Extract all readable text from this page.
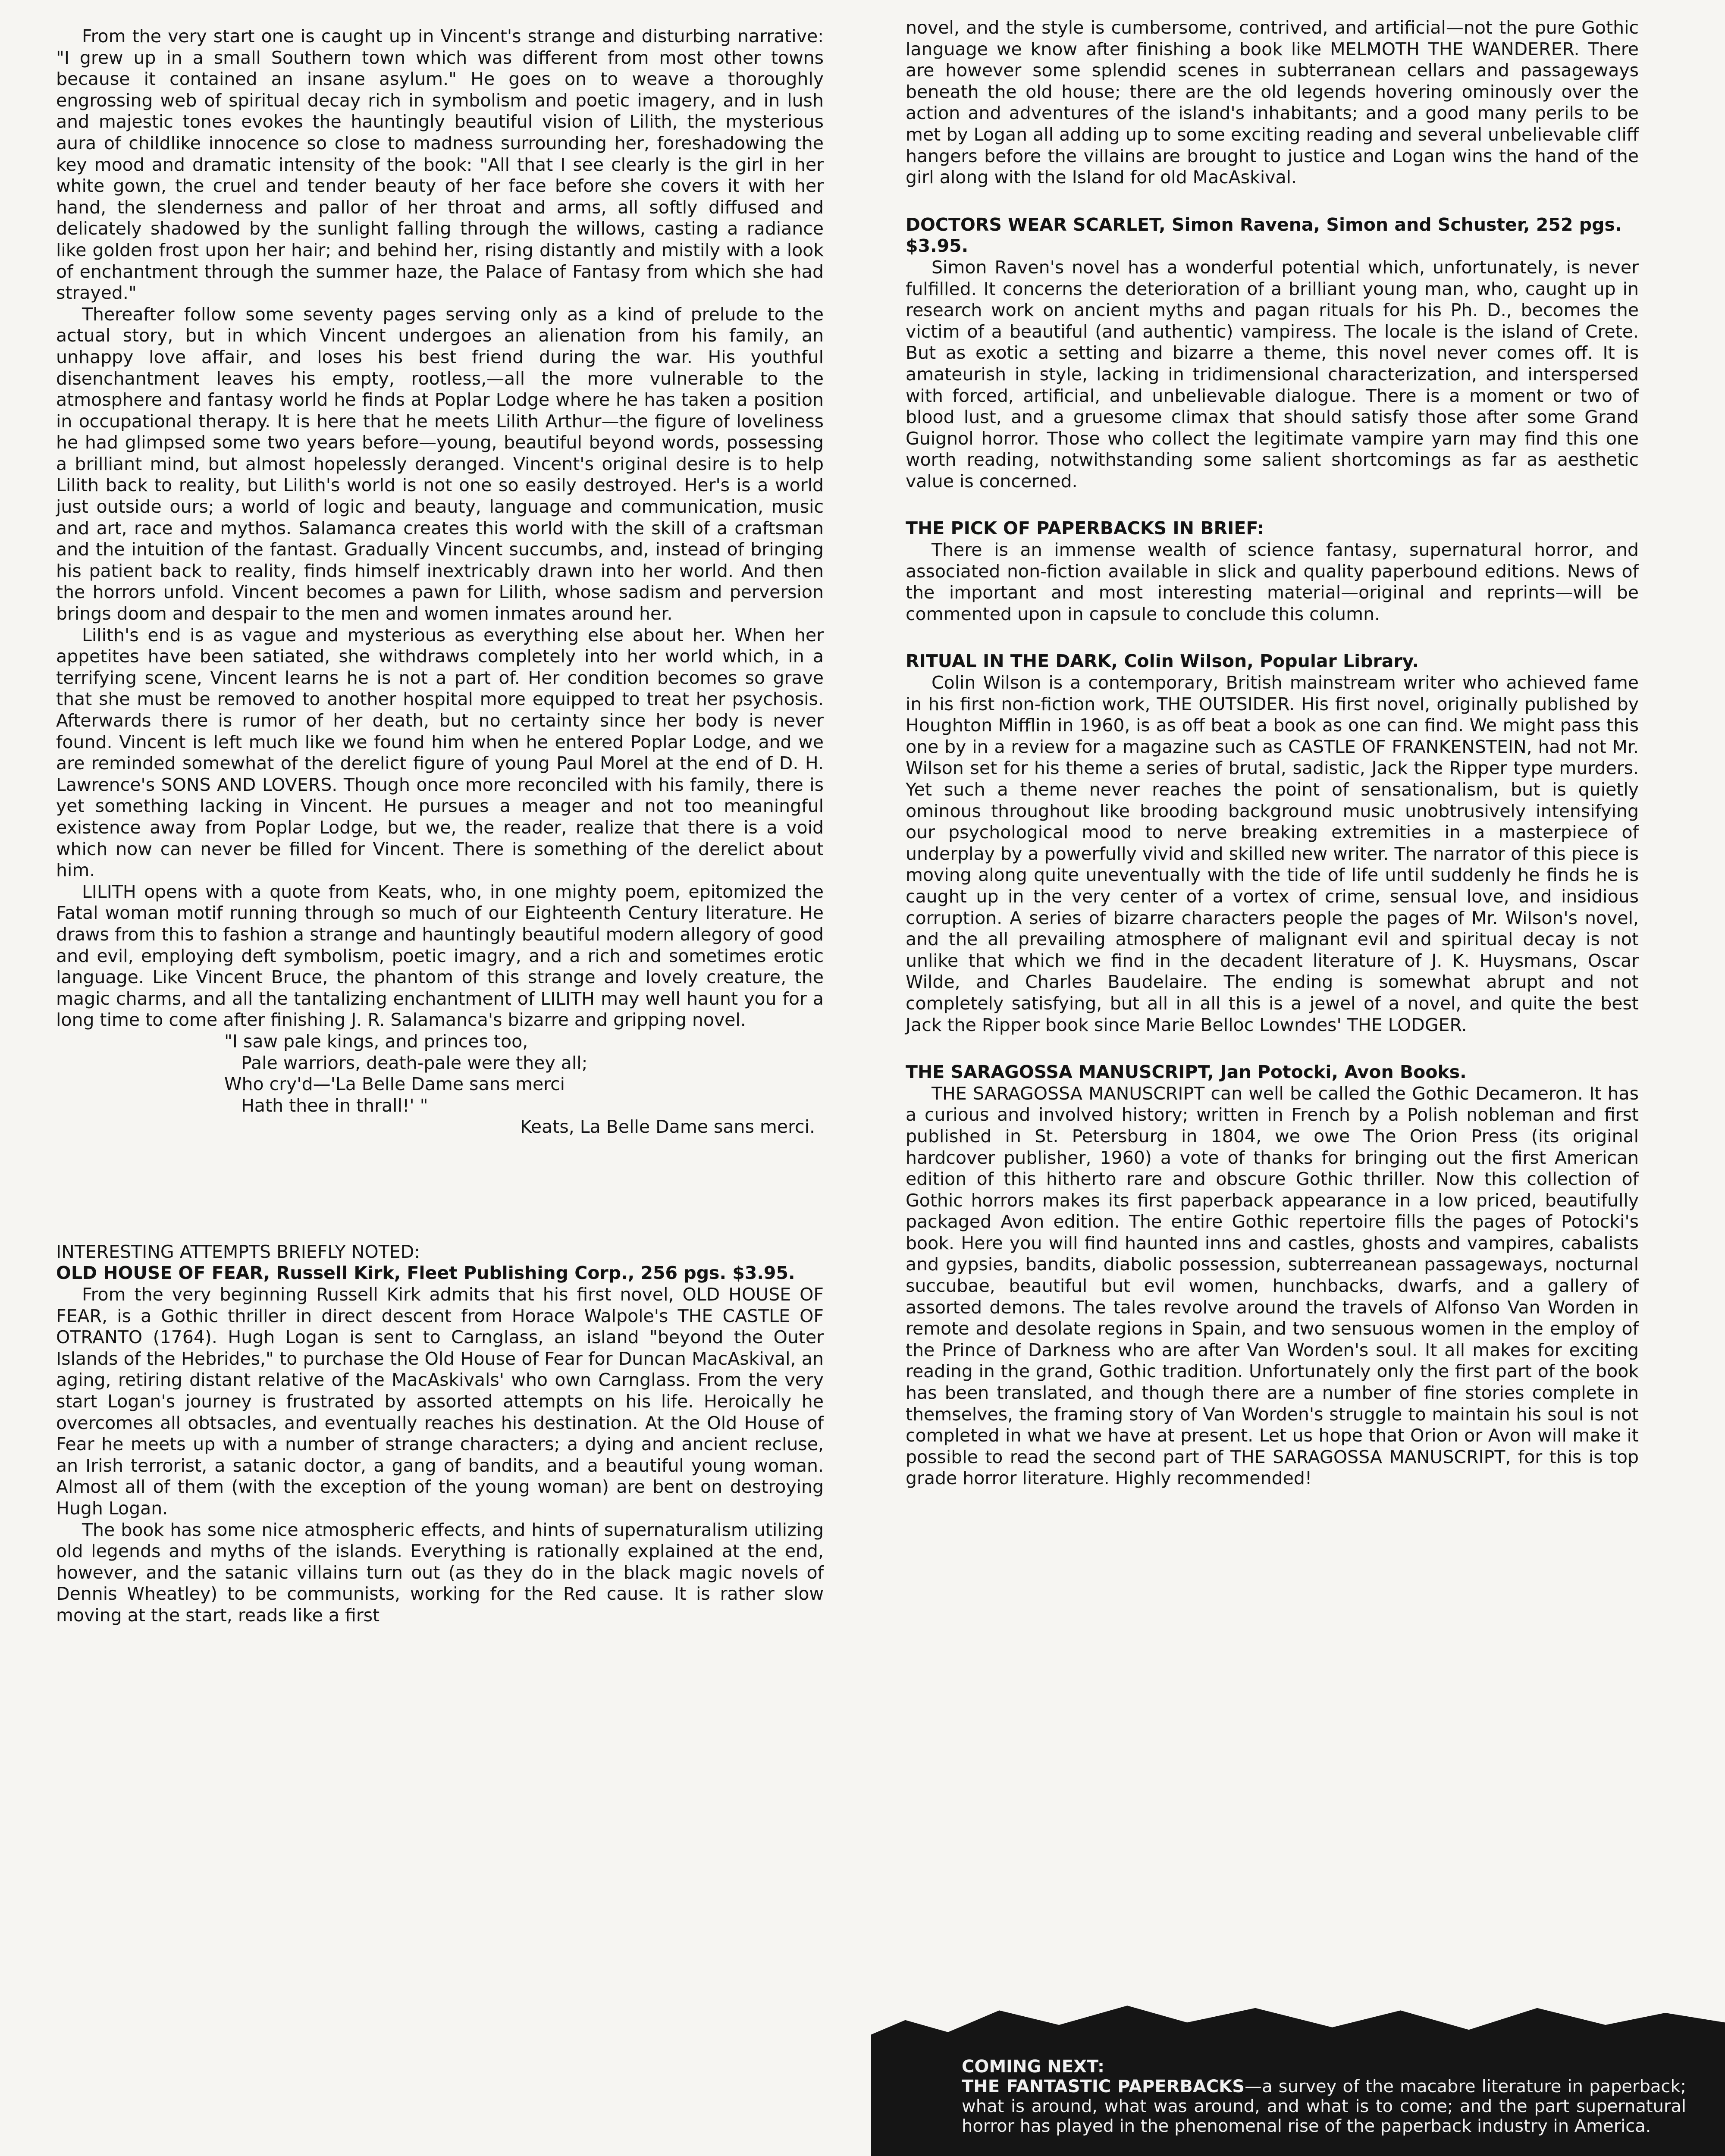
From the very start one is caught up in Vincent's strange and disturbing narrative: "I grew up in a small Southern town which was different from most other towns because it contained an insane asylum." He goes on to weave a thoroughly engrossing web of spiritual decay rich in symbolism and poetic imagery, and in lush and majestic tones evokes the hauntingly beautiful vision of Lilith, the mysterious aura of childlike innocence so close to madness surrounding her, foreshadowing the key mood and dramatic intensity of the book: "All that I see clearly is the girl in her white gown, the cruel and tender beauty of her face before she covers it with her hand, the slenderness and pallor of her throat and arms, all softly diffused and delicately shadowed by the sunlight falling through the willows, casting a radiance like golden frost upon her hair; and behind her, rising distantly and mistily with a look of enchantment through the summer haze, the Palace of Fantasy from which she had strayed."

Thereafter follow some seventy pages serving only as a kind of prelude to the actual story, but in which Vincent undergoes an alienation from his family, an unhappy love affair, and loses his best friend during the war. His youthful disenchantment leaves his empty, rootless,—all the more vulnerable to the atmosphere and fantasy world he finds at Poplar Lodge where he has taken a position in occupational therapy. It is here that he meets Lilith Arthur—the figure of loveliness he had glimpsed some two years before—young, beautiful beyond words, possessing a brilliant mind, but almost hopelessly deranged. Vincent's original desire is to help Lilith back to reality, but Lilith's world is not one so easily destroyed. Her's is a world just outside ours; a world of logic and beauty, language and communication, music and art, race and mythos. Salamanca creates this world with the skill of a craftsman and the intuition of the fantast. Gradually Vincent succumbs, and, instead of bringing his patient back to reality, finds himself inextricably drawn into her world. And then the horrors unfold. Vincent becomes a pawn for Lilith, whose sadism and perversion brings doom and despair to the men and women inmates around her.

Lilith's end is as vague and mysterious as everything else about her. When her appetites have been satiated, she withdraws completely into her world which, in a terrifying scene, Vincent learns he is not a part of. Her condition becomes so grave that she must be removed to another hospital more equipped to treat her psychosis. Afterwards there is rumor of her death, but no certainty since her body is never found. Vincent is left much like we found him when he entered Poplar Lodge, and we are reminded somewhat of the derelict figure of young Paul Morel at the end of D. H. Lawrence's SONS AND LOVERS. Though once more reconciled with his family, there is yet something lacking in Vincent. He pursues a meager and not too meaningful existence away from Poplar Lodge, but we, the reader, realize that there is a void which now can never be filled for Vincent. There is something of the derelict about him.

LILITH opens with a quote from Keats, who, in one mighty poem, epitomized the Fatal woman motif running through so much of our Eighteenth Century literature. He draws from this to fashion a strange and hauntingly beautiful modern allegory of good and evil, employing deft symbolism, poetic imagry, and a rich and sometimes erotic language. Like Vincent Bruce, the phantom of this strange and lovely creature, the magic charms, and all the tantalizing enchantment of LILITH may well haunt you for a long time to come after finishing J. R. Salamanca's bizarre and gripping novel.

"I saw pale kings, and princes too,
Pale warriors, death-pale were they all;
Who cry'd—'La Belle Dame sans merci
Hath thee in thrall!' "
Keats, La Belle Dame sans merci.
INTERESTING ATTEMPTS BRIEFLY NOTED:
OLD HOUSE OF FEAR, Russell Kirk, Fleet Publishing Corp., 256 pgs. $3.95.

From the very beginning Russell Kirk admits that his first novel, OLD HOUSE OF FEAR, is a Gothic thriller in direct descent from Horace Walpole's THE CASTLE OF OTRANTO (1764). Hugh Logan is sent to Carnglass, an island "beyond the Outer Islands of the Hebrides," to purchase the Old House of Fear for Duncan MacAskival, an aging, retiring distant relative of the MacAskivals' who own Carnglass. From the very start Logan's journey is frustrated by assorted attempts on his life. Heroically he overcomes all obtsacles, and eventually reaches his destination. At the Old House of Fear he meets up with a number of strange characters; a dying and ancient recluse, an Irish terrorist, a satanic doctor, a gang of bandits, and a beautiful young woman. Almost all of them (with the exception of the young woman) are bent on destroying Hugh Logan.

The book has some nice atmospheric effects, and hints of supernaturalism utilizing old legends and myths of the islands. Everything is rationally explained at the end, however, and the satanic villains turn out (as they do in the black magic novels of Dennis Wheatley) to be communists, working for the Red cause. It is rather slow moving at the start, reads like a first

novel, and the style is cumbersome, contrived, and artificial—not the pure Gothic language we know after finishing a book like MELMOTH THE WANDERER. There are however some splendid scenes in subterranean cellars and passageways beneath the old house; there are the old legends hovering ominously over the action and adventures of the island's inhabitants; and a good many perils to be met by Logan all adding up to some exciting reading and several unbelievable cliff hangers before the villains are brought to justice and Logan wins the hand of the girl along with the Island for old MacAskival.

DOCTORS WEAR SCARLET, Simon Ravena, Simon and Schuster, 252 pgs. $3.95.

Simon Raven's novel has a wonderful potential which, unfortunately, is never fulfilled. It concerns the deterioration of a brilliant young man, who, caught up in research work on ancient myths and pagan rituals for his Ph. D., becomes the victim of a beautiful (and authentic) vampiress. The locale is the island of Crete. But as exotic a setting and bizarre a theme, this novel never comes off. It is amateurish in style, lacking in tridimensional characterization, and interspersed with forced, artificial, and unbelievable dialogue. There is a moment or two of blood lust, and a gruesome climax that should satisfy those after some Grand Guignol horror. Those who collect the legitimate vampire yarn may find this one worth reading, notwithstanding some salient shortcomings as far as aesthetic value is concerned.

THE PICK OF PAPERBACKS IN BRIEF:

There is an immense wealth of science fantasy, supernatural horror, and associated non-fiction available in slick and quality paperbound editions. News of the important and most interesting material—original and reprints—will be commented upon in capsule to conclude this column.

RITUAL IN THE DARK, Colin Wilson, Popular Library.

Colin Wilson is a contemporary, British mainstream writer who achieved fame in his first non-fiction work, THE OUTSIDER. His first novel, originally published by Houghton Mifflin in 1960, is as off beat a book as one can find. We might pass this one by in a review for a magazine such as CASTLE OF FRANKENSTEIN, had not Mr. Wilson set for his theme a series of brutal, sadistic, Jack the Ripper type murders. Yet such a theme never reaches the point of sensationalism, but is quietly ominous throughout like brooding background music unobtrusively intensifying our psychological mood to nerve breaking extremities in a masterpiece of underplay by a powerfully vivid and skilled new writer. The narrator of this piece is moving along quite uneventually with the tide of life until suddenly he finds he is caught up in the very center of a vortex of crime, sensual love, and insidious corruption. A series of bizarre characters people the pages of Mr. Wilson's novel, and the all prevailing atmosphere of malignant evil and spiritual decay is not unlike that which we find in the decadent literature of J. K. Huysmans, Oscar Wilde, and Charles Baudelaire. The ending is somewhat abrupt and not completely satisfying, but all in all this is a jewel of a novel, and quite the best Jack the Ripper book since Marie Belloc Lowndes' THE LODGER.

THE SARAGOSSA MANUSCRIPT, Jan Potocki, Avon Books.

THE SARAGOSSA MANUSCRIPT can well be called the Gothic Decameron. It has a curious and involved history; written in French by a Polish nobleman and first published in St. Petersburg in 1804, we owe The Orion Press (its original hardcover publisher, 1960) a vote of thanks for bringing out the first American edition of this hitherto rare and obscure Gothic thriller. Now this collection of Gothic horrors makes its first paperback appearance in a low priced, beautifully packaged Avon edition. The entire Gothic repertoire fills the pages of Potocki's book. Here you will find haunted inns and castles, ghosts and vampires, cabalists and gypsies, bandits, diabolic possession, subterreanean passageways, nocturnal succubae, beautiful but evil women, hunchbacks, dwarfs, and a gallery of assorted demons. The tales revolve around the travels of Alfonso Van Worden in remote and desolate regions in Spain, and two sensuous women in the employ of the Prince of Darkness who are after Van Worden's soul. It all makes for exciting reading in the grand, Gothic tradition. Unfortunately only the first part of the book has been translated, and though there are a number of fine stories complete in themselves, the framing story of Van Worden's struggle to maintain his soul is not completed in what we have at present. Let us hope that Orion or Avon will make it possible to read the second part of THE SARAGOSSA MANUSCRIPT, for this is top grade horror literature. Highly recommended!

COMING NEXT:
THE FANTASTIC PAPERBACKS—a survey of the macabre literature in paperback; what is around, what was around, and what is to come; and the part supernatural horror has played in the phenomenal rise of the paperback industry in America.
